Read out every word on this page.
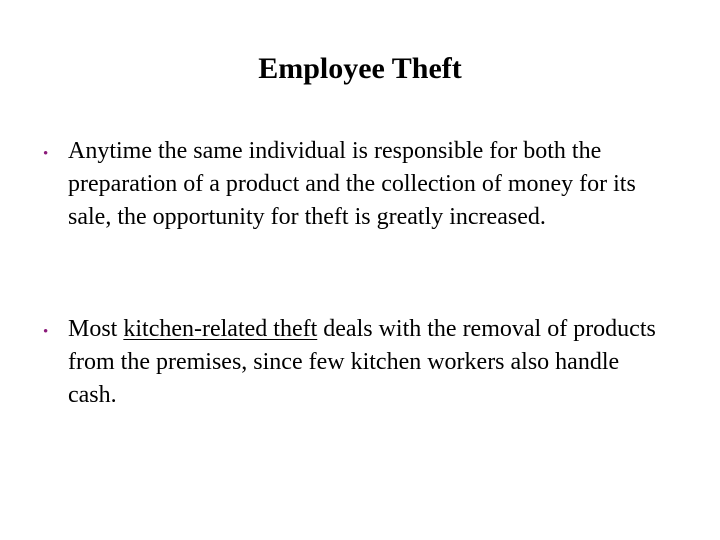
Employee Theft
• Anytime the same individual is responsible for both the preparation of a product and the collection of money for its sale, the opportunity for theft is greatly increased.
• Most kitchen-related theft deals with the removal of products from the premises, since few kitchen workers also handle cash.
